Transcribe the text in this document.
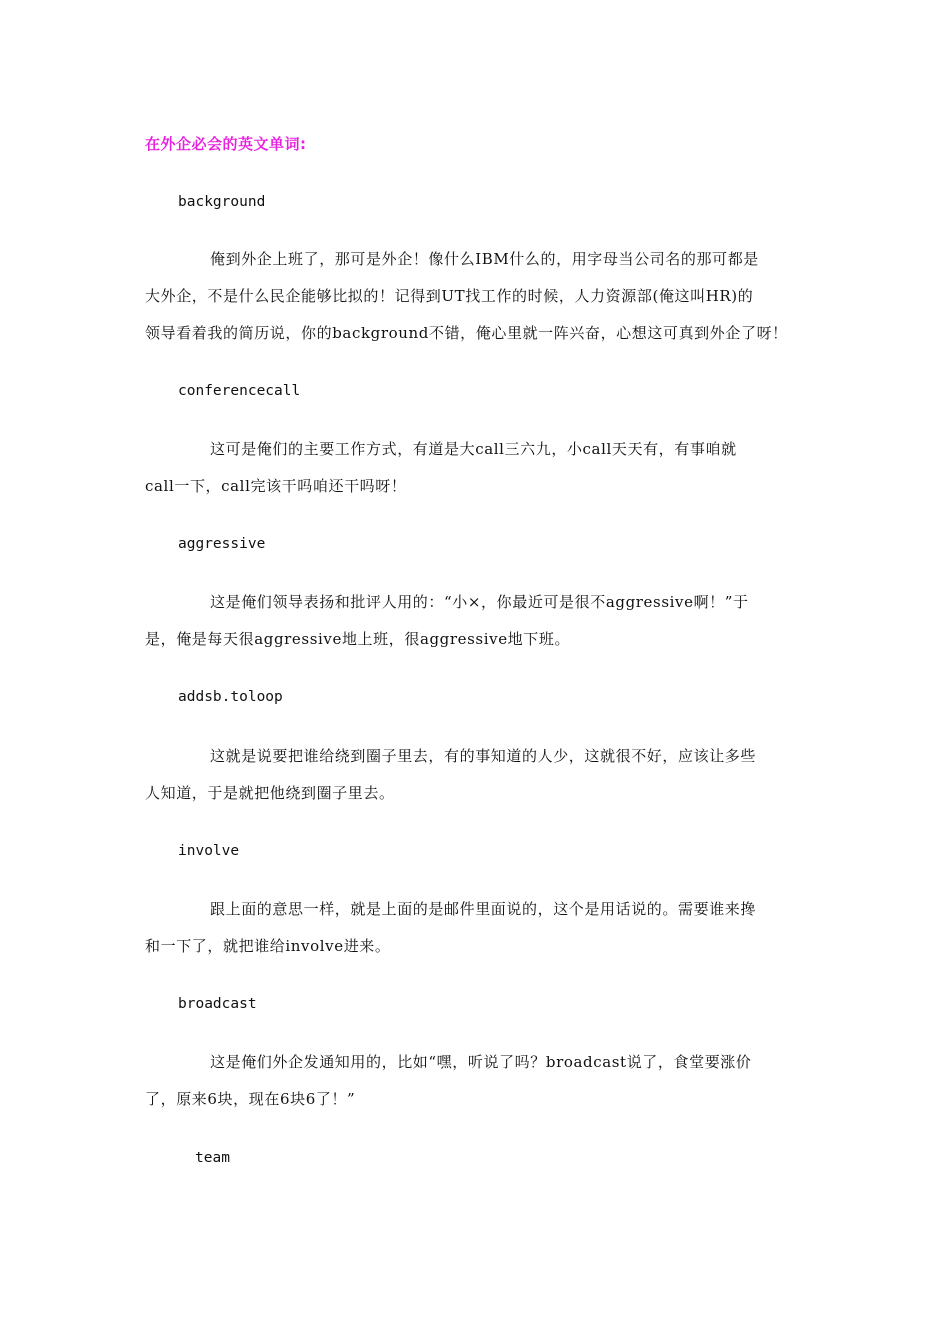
在外企必会的英文单词:
background
俺到外企上班了，那可是外企！像什么IBM什么的，用字母当公司名的那可都是
大外企，不是什么民企能够比拟的！记得到UT找工作的时候，人力资源部(俺这叫HR)的
领导看着我的简历说，你的background不错，俺心里就一阵兴奋，心想这可真到外企了呀！
conferencecall
这可是俺们的主要工作方式，有道是大call三六九，小call天天有，有事咱就
call一下，call完该干吗咱还干吗呀！
aggressive
这是俺们领导表扬和批评人用的：“小×，你最近可是很不aggressive啊！”于
是，俺是每天很aggressive地上班，很aggressive地下班。
addsb.toloop
这就是说要把谁给绕到圈子里去，有的事知道的人少，这就很不好，应该让多些
人知道，于是就把他绕到圈子里去。
involve
跟上面的意思一样，就是上面的是邮件里面说的，这个是用话说的。需要谁来搀
和一下了，就把谁给involve进来。
broadcast
这是俺们外企发通知用的，比如“嘿，听说了吗？broadcast说了，食堂要涨价
了，原来6块，现在6块6了！”
team
